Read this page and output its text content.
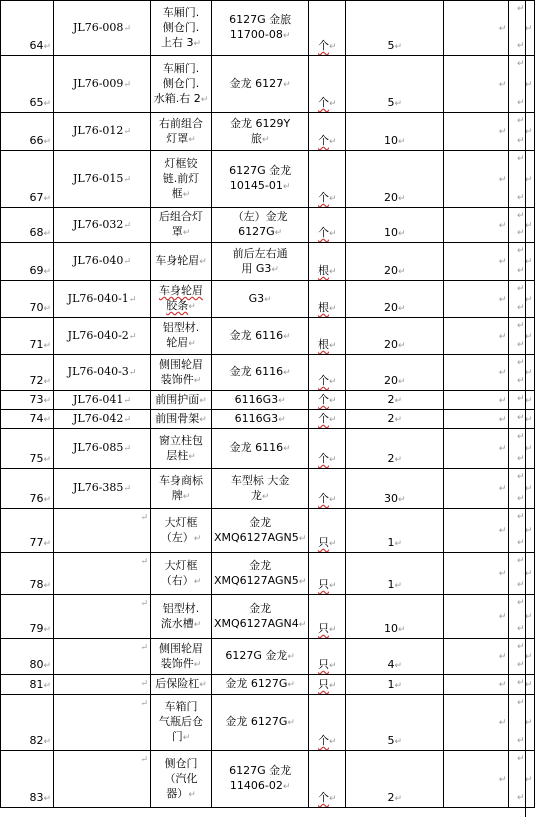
64↵	JL76-008↵	车厢门.
侧仓门.
上右 3↵	6127G 金旅
11700-08↵	个↵	5↵	↵	↵
65↵	JL76-009↵	车厢门.
侧仓门.
水箱.右 2↵	金龙 6127↵	个↵	5↵	↵	↵
66↵	JL76-012↵	右前组合
灯罩↵	金龙 6129Y
旅↵	个↵	10↵	↵	↵
67↵	JL76-015↵	灯框铰
链.前灯
框↵	6127G 金龙
10145-01↵	个↵	20↵	↵	↵
68↵	JL76-032↵	后组合灯
罩↵	（左）金龙
6127G↵	个↵	10↵	↵	↵
69↵	JL76-040↵	车身轮眉↵	前后左右通
用 G3↵	根↵	20↵	↵	↵
70↵	JL76-040-1↵	车身轮眉
胶条↵	G3↵	根↵	20↵	↵	↵
71↵	JL76-040-2↵	铝型材.
轮眉↵	金龙 6116↵	根↵	20↵	↵	↵
72↵	JL76-040-3↵	侧围轮眉
装饰件↵	金龙 6116↵	个↵	20↵	↵	↵
73↵	JL76-041↵	前围护面↵	6116G3↵	个↵	2↵	↵	↵
74↵	JL76-042↵	前围骨架↵	6116G3↵	个↵	2↵	↵	↵
75↵	JL76-085↵	窗立柱包
层柱↵	金龙 6116↵	个↵	2↵	↵	↵
76↵	JL76-385↵	车身商标
牌↵	车型标 大金
龙↵	个↵	30↵	↵	↵
77↵	↵	大灯框
（左）↵	金龙
XMQ6127AGN5↵	只↵	1↵	↵	↵
78↵	↵	大灯框
（右）↵	金龙
XMQ6127AGN5↵	只↵	1↵	↵	↵
79↵	↵	铝型材.
流水槽↵	金龙
XMQ6127AGN4↵	只↵	10↵	↵	↵
80↵	↵	侧围轮眉
装饰件↵	6127G 金龙↵	只↵	4↵	↵	↵
81↵	↵	后保险杠↵	金龙 6127G↵	只↵	1↵	↵	↵
82↵	↵	车箱门
气瓶后仓
门↵	金龙 6127G↵	个↵	5↵	↵	↵
83↵	↵	侧仓门
（汽化
器）↵	6127G 金龙
11406-02↵	个↵	2↵	↵	↵
↵
↵
↵
↵
↵
↵
↵
↵
↵
↵
↵
↵
↵
↵
↵
↵
↵
↵
↵
↵
↵
↵
↵
↵
↵
↵
↵
↵
↵
↵
↵
↵
↵
↵
↵
↵
↵
